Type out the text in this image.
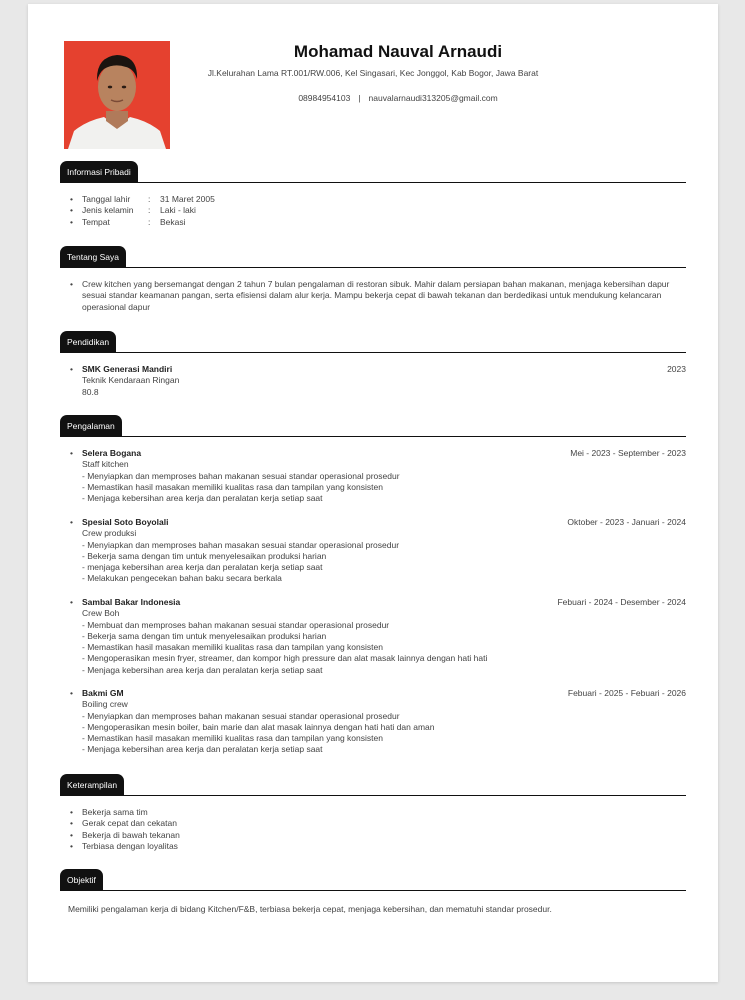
Mohamad Nauval Arnaudi
Jl.Kelurahan Lama RT.001/RW.006, Kel Singasari, Kec Jonggol, Kab Bogor, Jawa Barat
08984954103 | nauvalarnaudi313205@gmail.com
Informasi Pribadi
•	Tanggal lahir	:	31 Maret 2005
•	Jenis kelamin	:	Laki - laki
•	Tempat	:	Bekasi
Tentang Saya
•	Crew kitchen yang bersemangat dengan 2 tahun 7 bulan pengalaman di restoran sibuk. Mahir dalam persiapan bahan makanan, menjaga kebersihan dapur sesuai standar keamanan pangan, serta efisiensi dalam alur kerja. Mampu bekerja cepat di bawah tekanan dan berdedikasi untuk mendukung kelancaran operasional dapur
Pendidikan
•	SMK Generasi Mandiri	2023
Teknik Kendaraan Ringan
80.8
Pengalaman
•	Selera Bogana	Mei - 2023 - September - 2023
Staff kitchen
- Menyiapkan dan memproses bahan makanan sesuai standar operasional prosedur
- Memastikan hasil masakan memiliki kualitas rasa dan tampilan yang konsisten
- Menjaga kebersihan area kerja dan peralatan kerja setiap saat
•	Spesial Soto Boyolali	Oktober - 2023 - Januari - 2024
Crew produksi
- Menyiapkan dan memproses bahan masakan sesuai standar operasional prosedur
- Bekerja sama dengan tim untuk menyelesaikan produksi harian
- menjaga kebersihan area kerja dan peralatan kerja setiap saat
- Melakukan pengecekan bahan baku secara berkala
•	Sambal Bakar Indonesia	Febuari - 2024 - Desember - 2024
Crew Boh
- Membuat dan memproses bahan makanan sesuai standar operasional prosedur
- Bekerja sama dengan tim untuk menyelesaikan produksi harian
- Memastikan hasil masakan memiliki kualitas rasa dan tampilan yang konsisten
- Mengoperasikan mesin fryer, streamer, dan kompor high pressure dan alat masak lainnya dengan hati hati
- Menjaga kebersihan area kerja dan peralatan kerja setiap saat
•	Bakmi GM	Febuari - 2025 - Febuari - 2026
Boiling crew
- Menyiapkan dan memproses bahan makanan sesuai standar operasional prosedur
- Mengoperasikan mesin boiler, bain marie dan alat masak lainnya dengan hati hati dan aman
- Memastikan hasil masakan memiliki kualitas rasa dan tampilan yang konsisten
- Menjaga kebersihan area kerja dan peralatan kerja setiap saat
Keterampilan
• Bekerja sama tim
• Gerak cepat dan cekatan
• Bekerja di bawah tekanan
• Terbiasa dengan loyalitas
Objektif
Memiliki pengalaman kerja di bidang Kitchen/F&B, terbiasa bekerja cepat, menjaga kebersihan, dan mematuhi standar prosedur.
